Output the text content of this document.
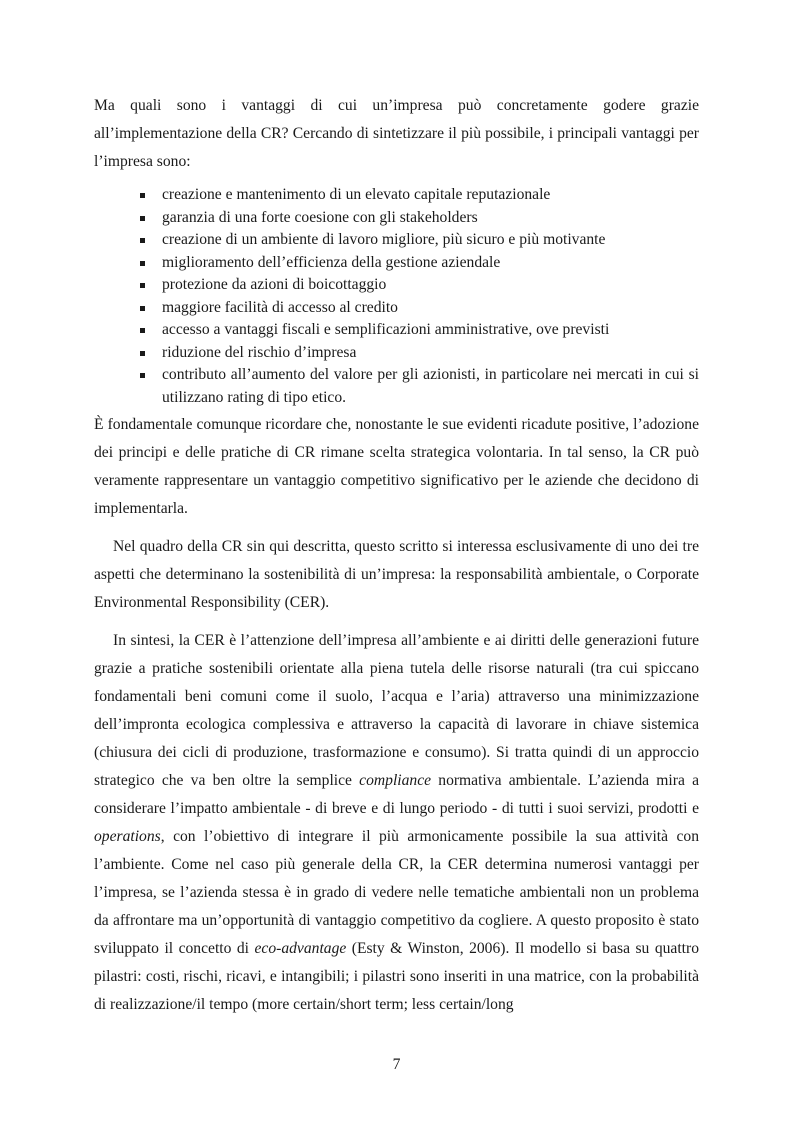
Ma quali sono i vantaggi di cui un’impresa può concretamente godere grazie all’implementazione della CR? Cercando di sintetizzare il più possibile, i principali vantaggi per l’impresa sono:

creazione e mantenimento di un elevato capitale reputazionale
garanzia di una forte coesione con gli stakeholders
creazione di un ambiente di lavoro migliore, più sicuro e più motivante
miglioramento dell’efficienza della gestione aziendale
protezione da azioni di boicottaggio
maggiore facilità di accesso al credito
accesso a vantaggi fiscali e semplificazioni amministrative, ove previsti
riduzione del rischio d’impresa
contributo all’aumento del valore per gli azionisti, in particolare nei mercati in cui si utilizzano rating di tipo etico.

È fondamentale comunque ricordare che, nonostante le sue evidenti ricadute positive, l’adozione dei principi e delle pratiche di CR rimane scelta strategica volontaria. In tal senso, la CR può veramente rappresentare un vantaggio competitivo significativo per le aziende che decidono di implementarla.

Nel quadro della CR sin qui descritta, questo scritto si interessa esclusivamente di uno dei tre aspetti che determinano la sostenibilità di un’impresa: la responsabilità ambientale, o Corporate Environmental Responsibility (CER).

In sintesi, la CER è l’attenzione dell’impresa all’ambiente e ai diritti delle generazioni future grazie a pratiche sostenibili orientate alla piena tutela delle risorse naturali (tra cui spiccano fondamentali beni comuni come il suolo, l’acqua e l’aria) attraverso una minimizzazione dell’impronta ecologica complessiva e attraverso la capacità di lavorare in chiave sistemica (chiusura dei cicli di produzione, trasformazione e consumo). Si tratta quindi di un approccio strategico che va ben oltre la semplice compliance normativa ambientale. L’azienda mira a considerare l’impatto ambientale - di breve e di lungo periodo - di tutti i suoi servizi, prodotti e operations, con l’obiettivo di integrare il più armonicamente possibile la sua attività con l’ambiente. Come nel caso più generale della CR, la CER determina numerosi vantaggi per l’impresa, se l’azienda stessa è in grado di vedere nelle tematiche ambientali non un problema da affrontare ma un’opportunità di vantaggio competitivo da cogliere. A questo proposito è stato sviluppato il concetto di eco-advantage (Esty & Winston, 2006). Il modello si basa su quattro pilastri: costi, rischi, ricavi, e intangibili; i pilastri sono inseriti in una matrice, con la probabilità di realizzazione/il tempo (more certain/short term; less certain/long

7
